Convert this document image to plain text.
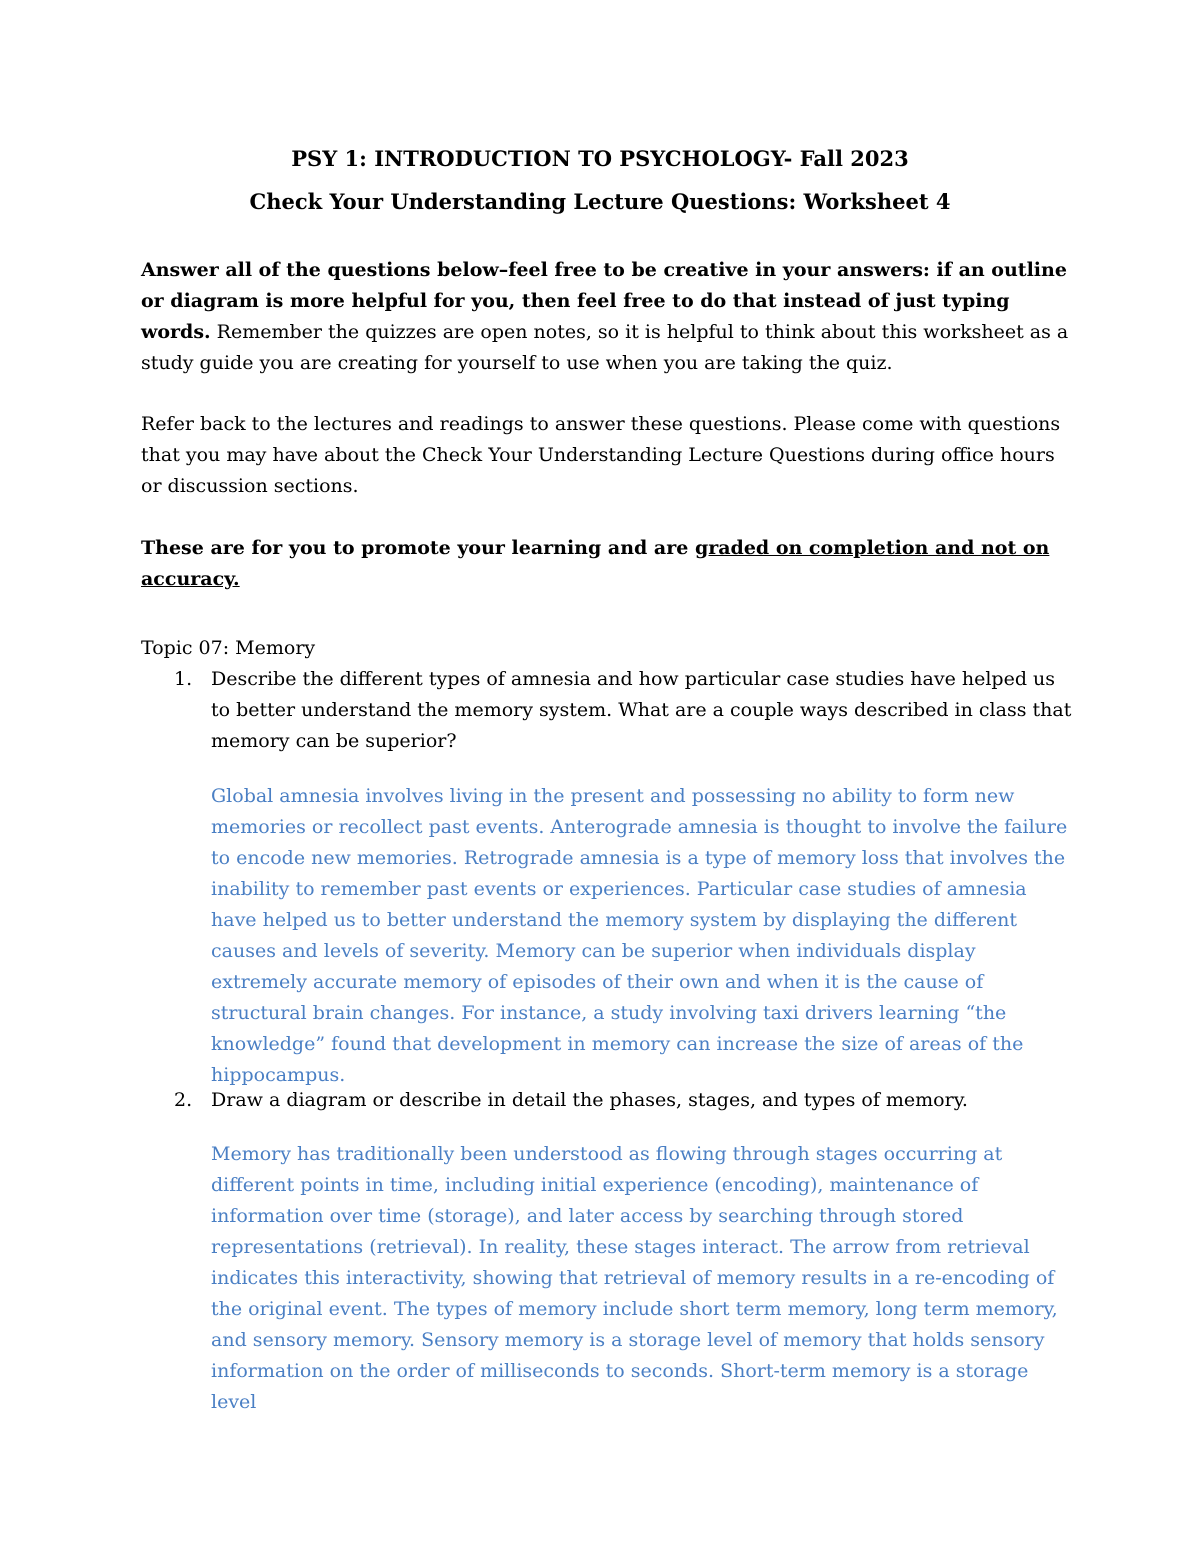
PSY 1: INTRODUCTION TO PSYCHOLOGY- Fall 2023
Check Your Understanding Lecture Questions: Worksheet 4
Answer all of the questions below–feel free to be creative in your answers: if an outline or diagram is more helpful for you, then feel free to do that instead of just typing words. Remember the quizzes are open notes, so it is helpful to think about this worksheet as a study guide you are creating for yourself to use when you are taking the quiz.
Refer back to the lectures and readings to answer these questions. Please come with questions that you may have about the Check Your Understanding Lecture Questions during office hours or discussion sections.
These are for you to promote your learning and are graded on completion and not on accuracy.
Topic 07: Memory
1. Describe the different types of amnesia and how particular case studies have helped us to better understand the memory system. What are a couple ways described in class that memory can be superior?
Global amnesia involves living in the present and possessing no ability to form new memories or recollect past events. Anterograde amnesia is thought to involve the failure to encode new memories. Retrograde amnesia is a type of memory loss that involves the inability to remember past events or experiences. Particular case studies of amnesia have helped us to better understand the memory system by displaying the different causes and levels of severity. Memory can be superior when individuals display extremely accurate memory of episodes of their own and when it is the cause of structural brain changes. For instance, a study involving taxi drivers learning “the knowledge” found that development in memory can increase the size of areas of the hippocampus.
2. Draw a diagram or describe in detail the phases, stages, and types of memory.
Memory has traditionally been understood as flowing through stages occurring at different points in time, including initial experience (encoding), maintenance of information over time (storage), and later access by searching through stored representations (retrieval). In reality, these stages interact. The arrow from retrieval indicates this interactivity, showing that retrieval of memory results in a re-encoding of the original event. The types of memory include short term memory, long term memory, and sensory memory. Sensory memory is a storage level of memory that holds sensory information on the order of milliseconds to seconds. Short-term memory is a storage level
